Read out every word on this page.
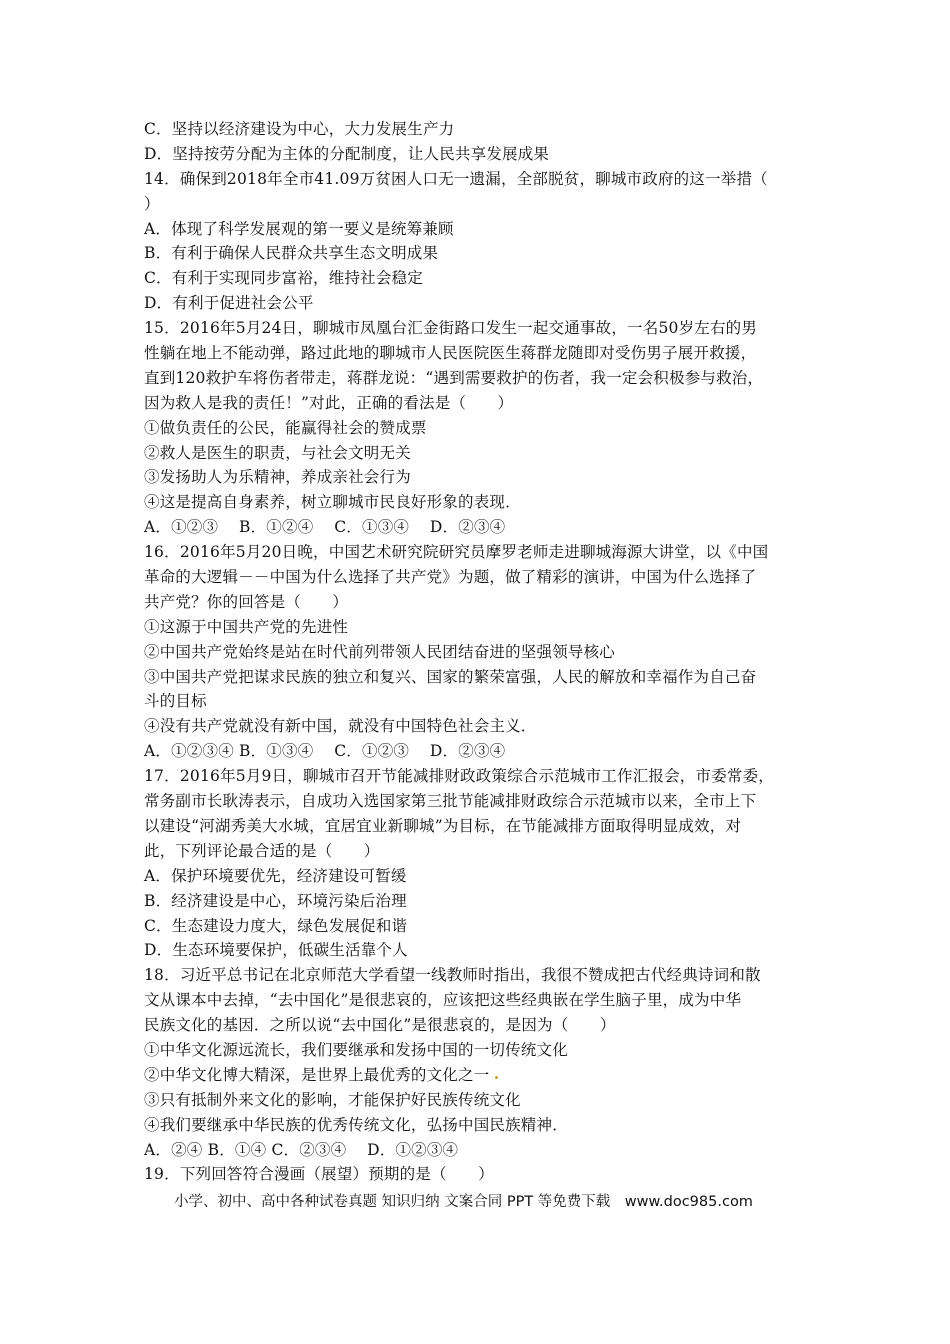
C．坚持以经济建设为中心，大力发展生产力
D．坚持按劳分配为主体的分配制度，让人民共享发展成果
14．确保到2018年全市41.09万贫困人口无一遗漏，全部脱贫，聊城市政府的这一举措（
）
A．体现了科学发展观的第一要义是统筹兼顾
B．有利于确保人民群众共享生态文明成果
C．有利于实现同步富裕，维持社会稳定
D．有利于促进社会公平
15．2016年5月24日，聊城市凤凰台汇金街路口发生一起交通事故，一名50岁左右的男
性躺在地上不能动弹，路过此地的聊城市人民医院医生蒋群龙随即对受伤男子展开救援，
直到120救护车将伤者带走，蒋群龙说：“遇到需要救护的伤者，我一定会积极参与救治，
因为救人是我的责任！”对此，正确的看法是（　　）
①做负责任的公民，能赢得社会的赞成票
②救人是医生的职责，与社会文明无关
③发扬助人为乐精神，养成亲社会行为
④这是提高自身素养，树立聊城市民良好形象的表现．
A．①②③　 B．①②④　 C．①③④　 D．②③④
16．2016年5月20日晚，中国艺术研究院研究员摩罗老师走进聊城海源大讲堂，以《中国
革命的大逻辑－－中国为什么选择了共产党》为题，做了精彩的演讲，中国为什么选择了
共产党？你的回答是（　　）
①这源于中国共产党的先进性
②中国共产党始终是站在时代前列带领人民团结奋进的坚强领导核心
③中国共产党把谋求民族的独立和复兴、国家的繁荣富强，人民的解放和幸福作为自己奋
斗的目标
④没有共产党就没有新中国，就没有中国特色社会主义．
A．①②③④ B．①③④　 C．①②③　 D．②③④
17．2016年5月9日，聊城市召开节能减排财政政策综合示范城市工作汇报会，市委常委，
常务副市长耿涛表示，自成功入选国家第三批节能减排财政综合示范城市以来，全市上下
以建设“河湖秀美大水城，宜居宜业新聊城”为目标，在节能减排方面取得明显成效，对
此，下列评论最合适的是（　　）
A．保护环境要优先，经济建设可暂缓
B．经济建设是中心，环境污染后治理
C．生态建设力度大，绿色发展促和谐
D．生态环境要保护，低碳生活靠个人
18．习近平总书记在北京师范大学看望一线教师时指出，我很不赞成把古代经典诗词和散
文从课本中去掉，“去中国化”是很悲哀的，应该把这些经典嵌在学生脑子里，成为中华
民族文化的基因．之所以说“去中国化”是很悲哀的，是因为（　　）
①中华文化源远流长，我们要继承和发扬中国的一切传统文化
②中华文化博大精深，是世界上最优秀的文化之一
③只有抵制外来文化的影响，才能保护好民族传统文化
④我们要继承中华民族的优秀传统文化，弘扬中国民族精神．
A．②④ B．①④ C．②③④　 D．①②③④
19．下列回答符合漫画（展望）预期的是（　　）
小学、初中、高中各种试卷真题 知识归纳 文案合同 PPT 等免费下载　www.doc985.com
